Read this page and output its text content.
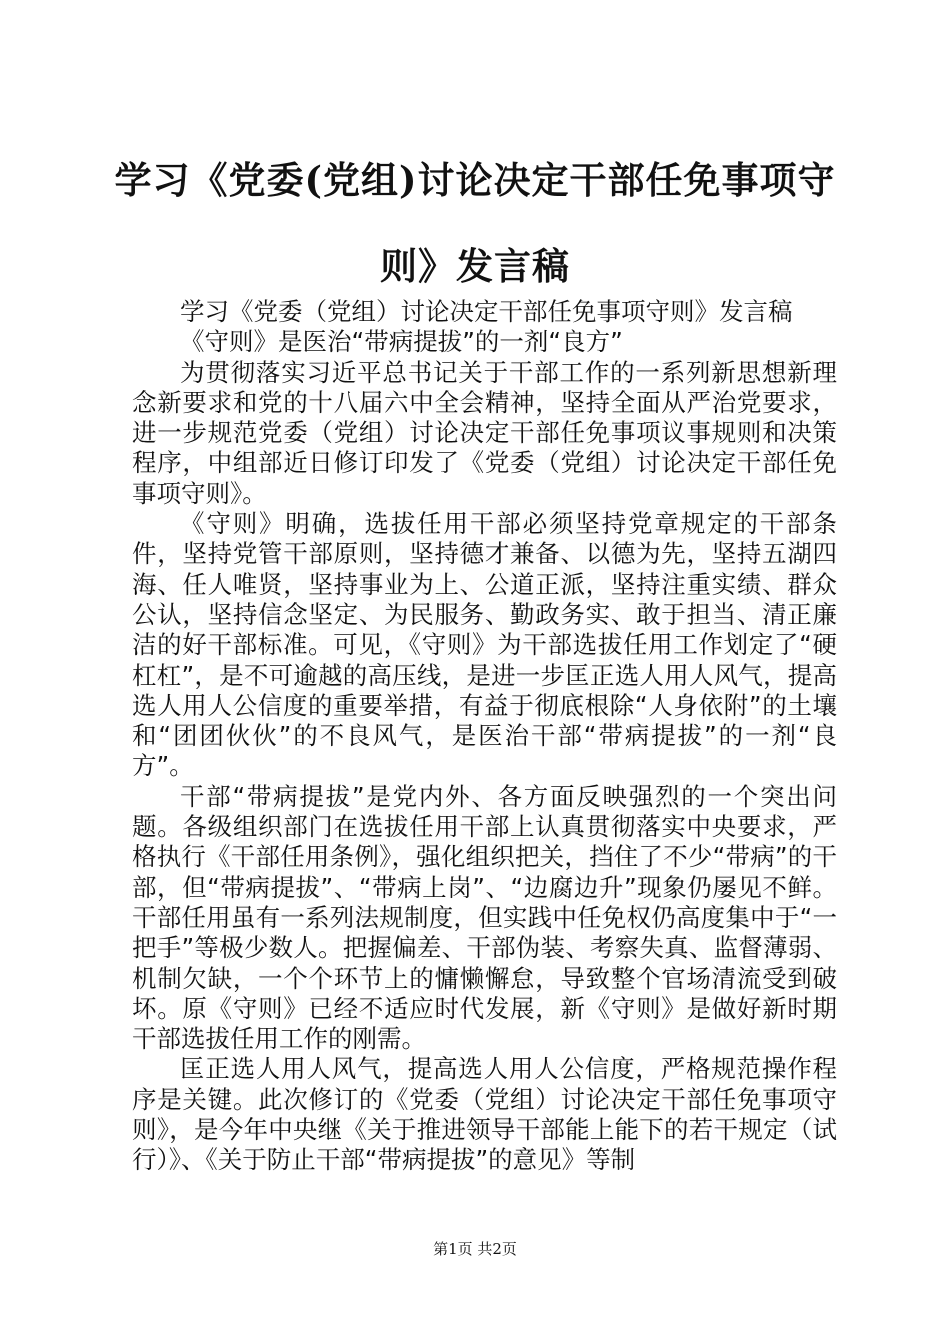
学习《党委(党组)讨论决定干部任免事项守
则》发言稿

学习《党委（党组）讨论决定干部任免事项守则》发言稿

《守则》是医治“带病提拔”的一剂“良方”

为贯彻落实习近平总书记关于干部工作的一系列新思想新理念新要求和党的十八届六中全会精神，坚持全面从严治党要求，进一步规范党委（党组）讨论决定干部任免事项议事规则和决策程序，中组部近日修订印发了《党委（党组）讨论决定干部任免事项守则》。

《守则》明确，选拔任用干部必须坚持党章规定的干部条件，坚持党管干部原则，坚持德才兼备、以德为先，坚持五湖四海、任人唯贤，坚持事业为上、公道正派，坚持注重实绩、群众公认，坚持信念坚定、为民服务、勤政务实、敢于担当、清正廉洁的好干部标准。可见，《守则》为干部选拔任用工作划定了“硬杠杠”，是不可逾越的高压线，是进一步匡正选人用人风气，提高选人用人公信度的重要举措，有益于彻底根除“人身依附”的土壤和“团团伙伙”的不良风气，是医治干部“带病提拔”的一剂“良方”。

干部“带病提拔”是党内外、各方面反映强烈的一个突出问题。各级组织部门在选拔任用干部上认真贯彻落实中央要求，严格执行《干部任用条例》，强化组织把关，挡住了不少“带病”的干部，但“带病提拔”、“带病上岗”、“边腐边升”现象仍屡见不鲜。干部任用虽有一系列法规制度，但实践中任免权仍高度集中于“一把手”等极少数人。把握偏差、干部伪装、考察失真、监督薄弱、机制欠缺，一个个环节上的慵懒懈怠，导致整个官场清流受到破坏。原《守则》已经不适应时代发展，新《守则》是做好新时期干部选拔任用工作的刚需。

匡正选人用人风气，提高选人用人公信度，严格规范操作程序是关键。此次修订的《党委（党组）讨论决定干部任免事项守则》，是今年中央继《关于推进领导干部能上能下的若干规定（试行）》、《关于防止干部“带病提拔”的意见》等制

第1页 共2页
